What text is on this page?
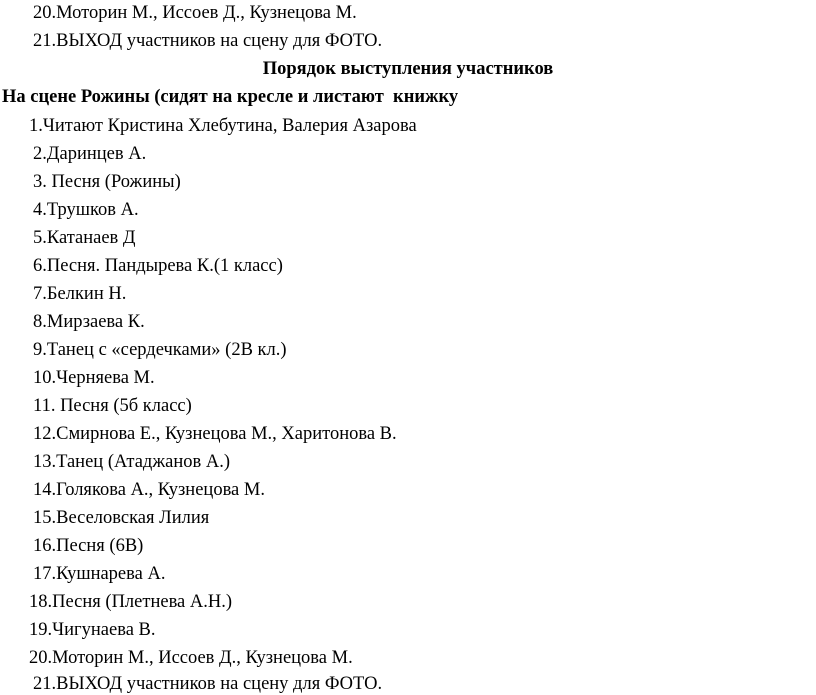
20.Моторин М., Иссоев Д., Кузнецова М.
21.ВЫХОД участников на сцену для ФОТО.
Порядок выступления участников
На сцене Рожины (сидят на кресле и листают  книжку
1.Читают Кристина Хлебутина, Валерия Азарова
2.Даринцев А.
3. Песня (Рожины)
4.Трушков А.
5.Катанаев Д
6.Песня. Пандырева К.(1 класс)
7.Белкин Н.
8.Мирзаева К.
9.Танец с «сердечками» (2В кл.)
10.Черняева М.
11. Песня (5б класс)
12.Смирнова Е., Кузнецова М., Харитонова В.
13.Танец (Атаджанов А.)
14.Голякова А., Кузнецова М.
15.Веселовская Лилия
16.Песня (6В)
17.Кушнарева А.
18.Песня (Плетнева А.Н.)
19.Чигунаева В.
20.Моторин М., Иссоев Д., Кузнецова М.
21.ВЫХОД участников на сцену для ФОТО.
